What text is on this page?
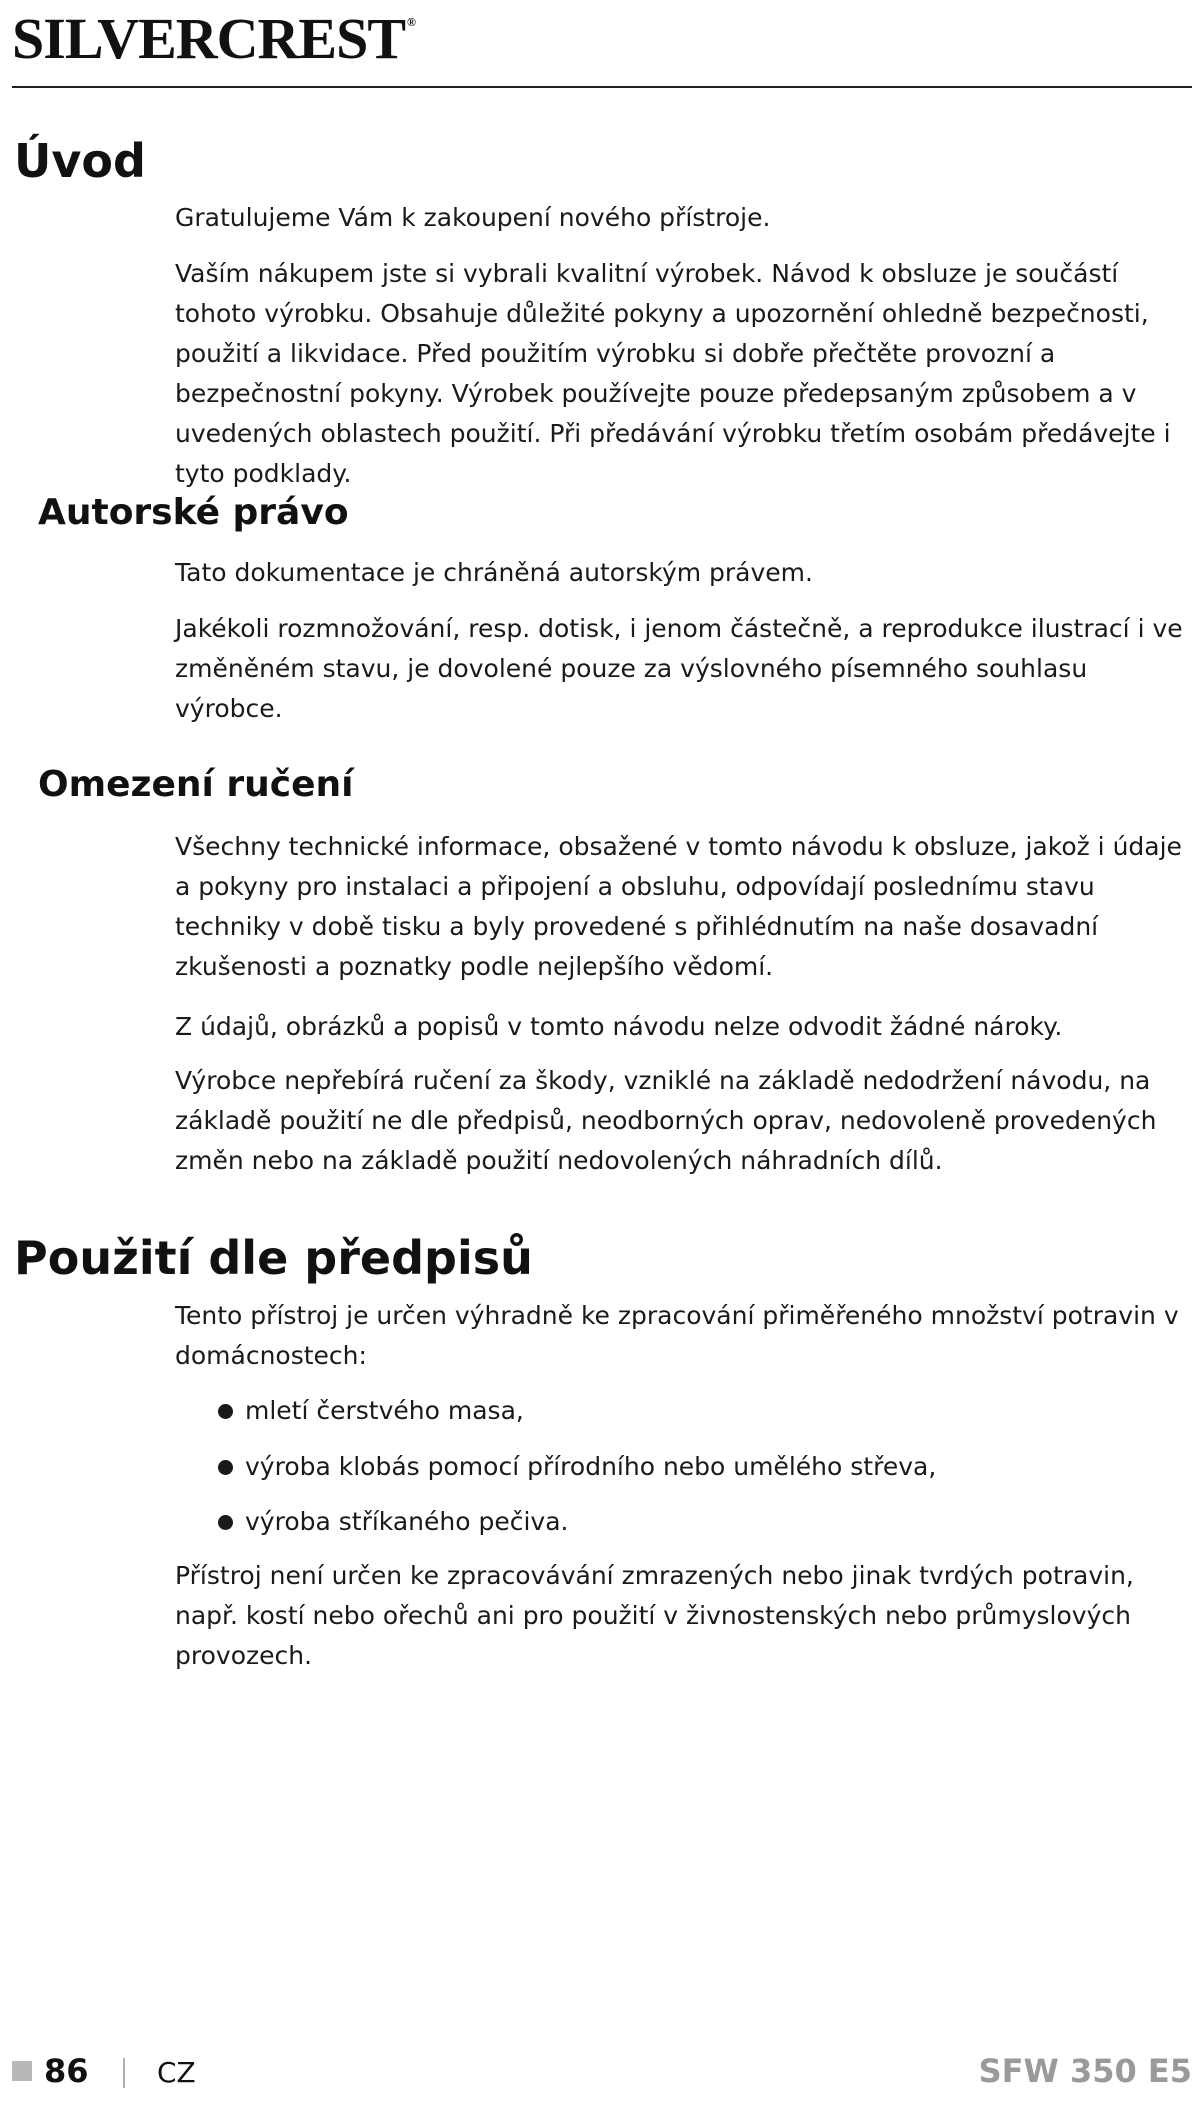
SILVERCREST ®
Úvod

Gratulujeme Vám k zakoupení nového přístroje.

Vaším nákupem jste si vybrali kvalitní výrobek. Návod k obsluze je součástí tohoto výrobku. Obsahuje důležité pokyny a upozornění ohledně bezpečnosti, použití a likvidace. Před použitím výrobku si dobře přečtěte provozní a bezpečnostní pokyny. Výrobek používejte pouze předepsaným způsobem a v uvedených oblastech použití. Při předávání výrobku třetím osobám předávejte i tyto podklady.

Autorské právo

Tato dokumentace je chráněná autorským právem.

Jakékoli rozmnožování, resp. dotisk, i jenom částečně, a reprodukce ilustrací i ve změněném stavu, je dovolené pouze za výslovného písemného souhlasu výrobce.

Omezení ručení

Všechny technické informace, obsažené v tomto návodu k obsluze, jakož i údaje a pokyny pro instalaci a připojení a obsluhu, odpovídají poslednímu stavu techniky v době tisku a byly provedené s přihlédnutím na naše dosavadní zkušenosti a poznatky podle nejlepšího vědomí.

Z údajů, obrázků a popisů v tomto návodu nelze odvodit žádné nároky.

Výrobce nepřebírá ručení za škody, vzniklé na základě nedodržení návodu, na základě použití ne dle předpisů, neodborných oprav, nedovoleně provedených změn nebo na základě použití nedovolených náhradních dílů.

Použití dle předpisů

Tento přístroj je určen výhradně ke zpracování přiměřeného množství potravin v domácnostech:

mletí čerstvého masa,
výroba klobás pomocí přírodního nebo umělého střeva,
výroba stříkaného pečiva.

Přístroj není určen ke zpracovávání zmrazených nebo jinak tvrdých potravin, např. kostí nebo ořechů ani pro použití v živnostenských nebo průmyslových provozech.

86 CZ	SFW 350 E5
